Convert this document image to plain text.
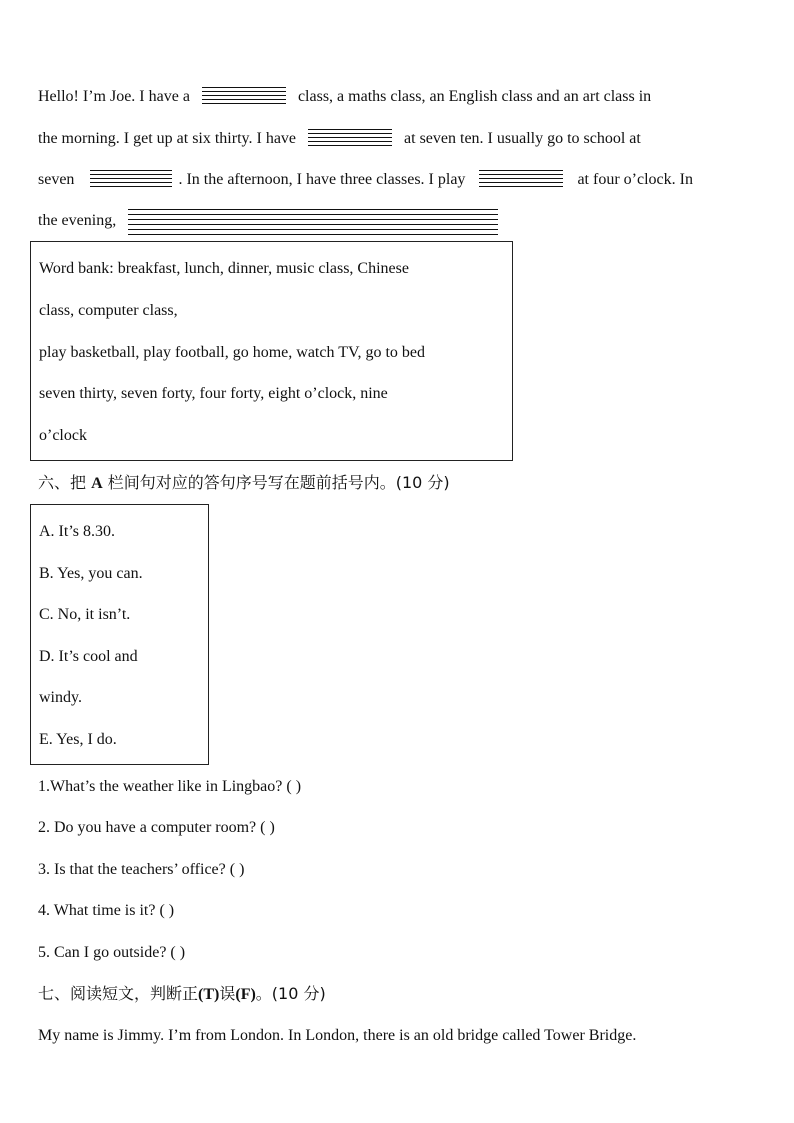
Hello! I’m Joe. I have a	class, a maths class, an English class and an art class in
the morning. I get up at six thirty. I have	at seven ten. I usually go to school at
seven	. In the afternoon, I have three classes. I play	at four o’clock. In
the evening,
Word bank: breakfast, lunch, dinner, music class, Chinese
class, computer class,
play basketball, play football, go home, watch TV, go to bed
seven thirty, seven forty, four forty, eight o’clock, nine
o’clock
六、把 A 栏间句对应的答句序号写在题前括号内。(10 分)
A. It’s 8.30.
B. Yes, you can.
C. No, it isn’t.
D. It’s cool and
windy.
E. Yes, I do.
1.What’s the weather like in Lingbao? ( )
2. Do you have a computer room? ( )
3. Is that the teachers’ office? ( )
4. What time is it? ( )
5. Can I go outside? ( )
七、阅读短文，判断正(T)误(F)。(10 分)
My name is Jimmy. I’m from London. In London, there is an old bridge called Tower Bridge.
